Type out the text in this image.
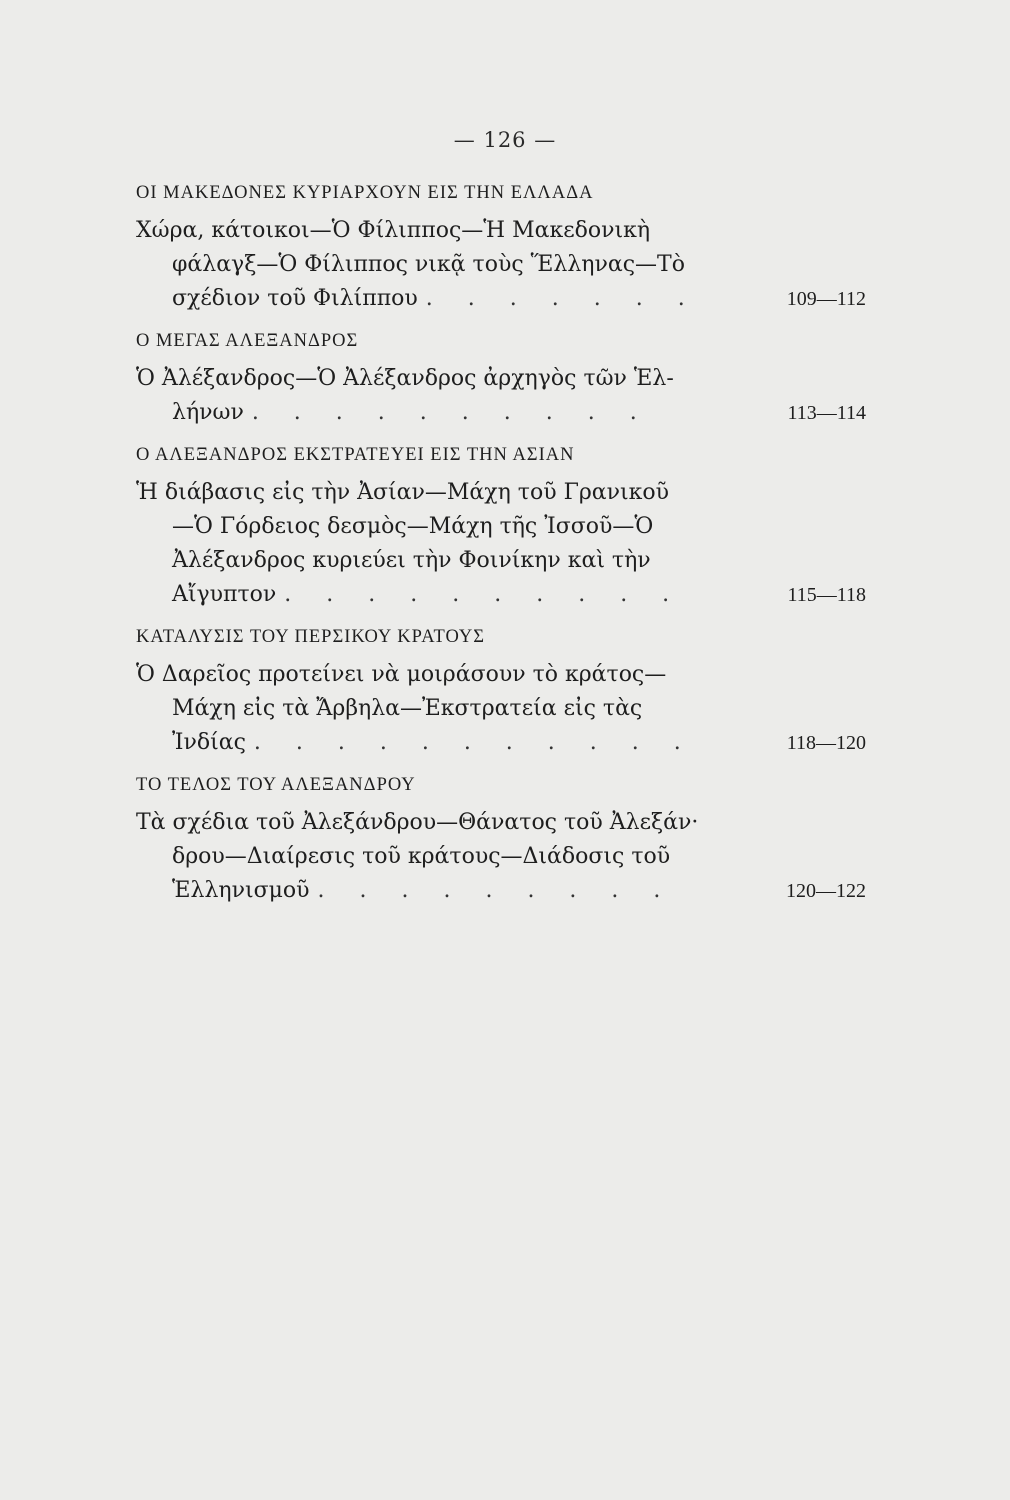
— 126 —
ΟΙ ΜΑΚΕΔΟΝΕΣ ΚΥΡΙΑΡΧΟΥΝ ΕΙΣ ΤΗΝ ΕΛΛΑΔΑ
Χώρα, κάτοικοι—Ὁ Φίλιππος—Ἡ Μακεδονικὴ
φάλαγξ—Ὁ Φίλιππος νικᾷ τοὺς Ἕλληνας—Τὸ
σχέδιον τοῦ Φιλίππου . . . . . . .	109—112
Ο ΜΕΓΑΣ ΑΛΕΞΑΝΔΡΟΣ
Ὁ Ἀλέξανδρος—Ὁ Ἀλέξανδρος ἀρχηγὸς τῶν Ἑλ-
λήνων . . . . . . . . . .	113—114
Ο ΑΛΕΞΑΝΔΡΟΣ ΕΚΣΤΡΑΤΕΥΕΙ ΕΙΣ ΤΗΝ ΑΣΙΑΝ
Ἡ διάβασις εἰς τὴν Ἀσίαν—Μάχη τοῦ Γρανικοῦ
—Ὁ Γόρδειος δεσμὸς—Μάχη τῆς Ἰσσοῦ—Ὁ
Ἀλέξανδρος κυριεύει τὴν Φοινίκην καὶ τὴν
Αἴγυπτον . . . . . . . . . .	115—118
ΚΑΤΑΛΥΣΙΣ ΤΟΥ ΠΕΡΣΙΚΟΥ ΚΡΑΤΟΥΣ
Ὁ Δαρεῖος προτείνει νὰ μοιράσουν τὸ κράτος—
Μάχη εἰς τὰ Ἄρβηλα—Ἐκστρατεία εἰς τὰς
Ἰνδίας . . . . . . . . . . .	118—120
ΤΟ ΤΕΛΟΣ ΤΟΥ ΑΛΕΞΑΝΔΡΟΥ
Τὰ σχέδια τοῦ Ἀλεξάνδρου—Θάνατος τοῦ Ἀλεξάν·
δρου—Διαίρεσις τοῦ κράτους—Διάδοσις τοῦ
Ἑλληνισμοῦ . . . . . . . . .	120—122
